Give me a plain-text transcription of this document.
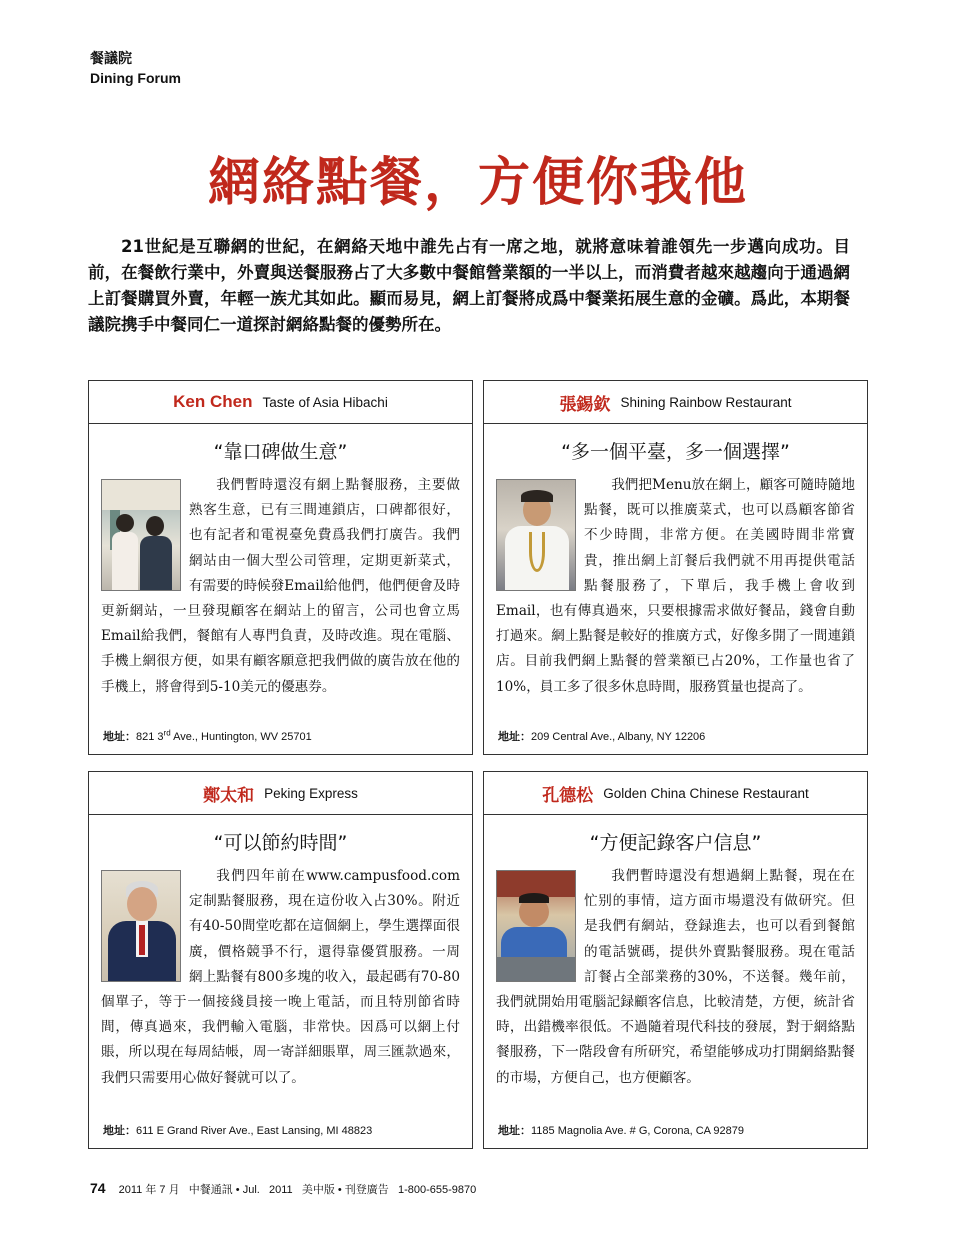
餐議院
Dining Forum
網絡點餐，方便你我他
21世紀是互聯網的世紀，在網絡天地中誰先占有一席之地，就將意味着誰領先一步邁向成功。目前，在餐飲行業中，外賣與送餐服務占了大多數中餐館營業額的一半以上，而消費者越來越趨向于通過網上訂餐購買外賣，年輕一族尤其如此。顯而易見，網上訂餐將成爲中餐業拓展生意的金礦。爲此，本期餐議院携手中餐同仁一道探討網絡點餐的優勢所在。
Ken Chen Taste of Asia Hibachi
“靠口碑做生意”
我們暫時還沒有網上點餐服務，主要做熟客生意，已有三間連鎖店，口碑都很好，也有記者和電視臺免費爲我們打廣告。我們網站由一個大型公司管理，定期更新菜式，有需要的時候發Email給他們，他們便會及時更新網站，一旦發現顧客在網站上的留言，公司也會立馬Email給我們，餐館有人專門負責，及時改進。現在電腦、手機上網很方便，如果有顧客願意把我們做的廣告放在他的手機上，將會得到5-10美元的優惠券。
地址：821 3rd Ave., Huntington, WV 25701
張錫欽 Shining Rainbow Restaurant
“多一個平臺，多一個選擇”
我們把Menu放在網上，顧客可隨時隨地點餐，既可以推廣菜式，也可以爲顧客節省不少時間，非常方便。在美國時間非常寶貴，推出網上訂餐后我們就不用再提供電話點餐服務了，下單后，我手機上會收到Email，也有傳真過來，只要根據需求做好餐品，錢會自動打過來。網上點餐是較好的推廣方式，好像多開了一間連鎖店。目前我們網上點餐的營業額已占20%，工作量也省了10%，員工多了很多休息時間，服務質量也提高了。
地址：209 Central Ave., Albany, NY 12206
鄭太和 Peking Express
“可以節約時間”
我們四年前在www.campusfood.com定制點餐服務，現在這份收入占30%。附近有40-50間堂吃都在這個網上，學生選擇面很廣，價格競爭不行，還得靠優質服務。一周網上點餐有800多塊的收入，最起碼有70-80個單子，等于一個接綫員接一晚上電話，而且特別節省時間，傳真過來，我們輸入電腦，非常快。因爲可以網上付賬，所以現在每周結帳，周一寄詳細賬單，周三匯款過來，我們只需要用心做好餐就可以了。
地址：611 E Grand River Ave., East Lansing, MI 48823
孔德松 Golden China Chinese Restaurant
“方便記錄客户信息”
我們暫時還没有想過網上點餐，現在在忙别的事情，這方面市場還没有做研究。但是我們有網站，登録進去，也可以看到餐館的電話號碼，提供外賣點餐服務。現在電話訂餐占全部業務的30%，不送餐。幾年前，我們就開始用電腦記録顧客信息，比較清楚，方便，統計省時，出錯機率很低。不過隨着現代科技的發展，對于網絡點餐服務，下一階段會有所研究，希望能够成功打開網絡點餐的市場，方便自己，也方便顧客。
地址：1185 Magnolia Ave. # G, Corona, CA 92879
74 2011 年 7 月   中餐通訊 • Jul.   2011   美中版 • 刊登廣告   1-800-655-9870
